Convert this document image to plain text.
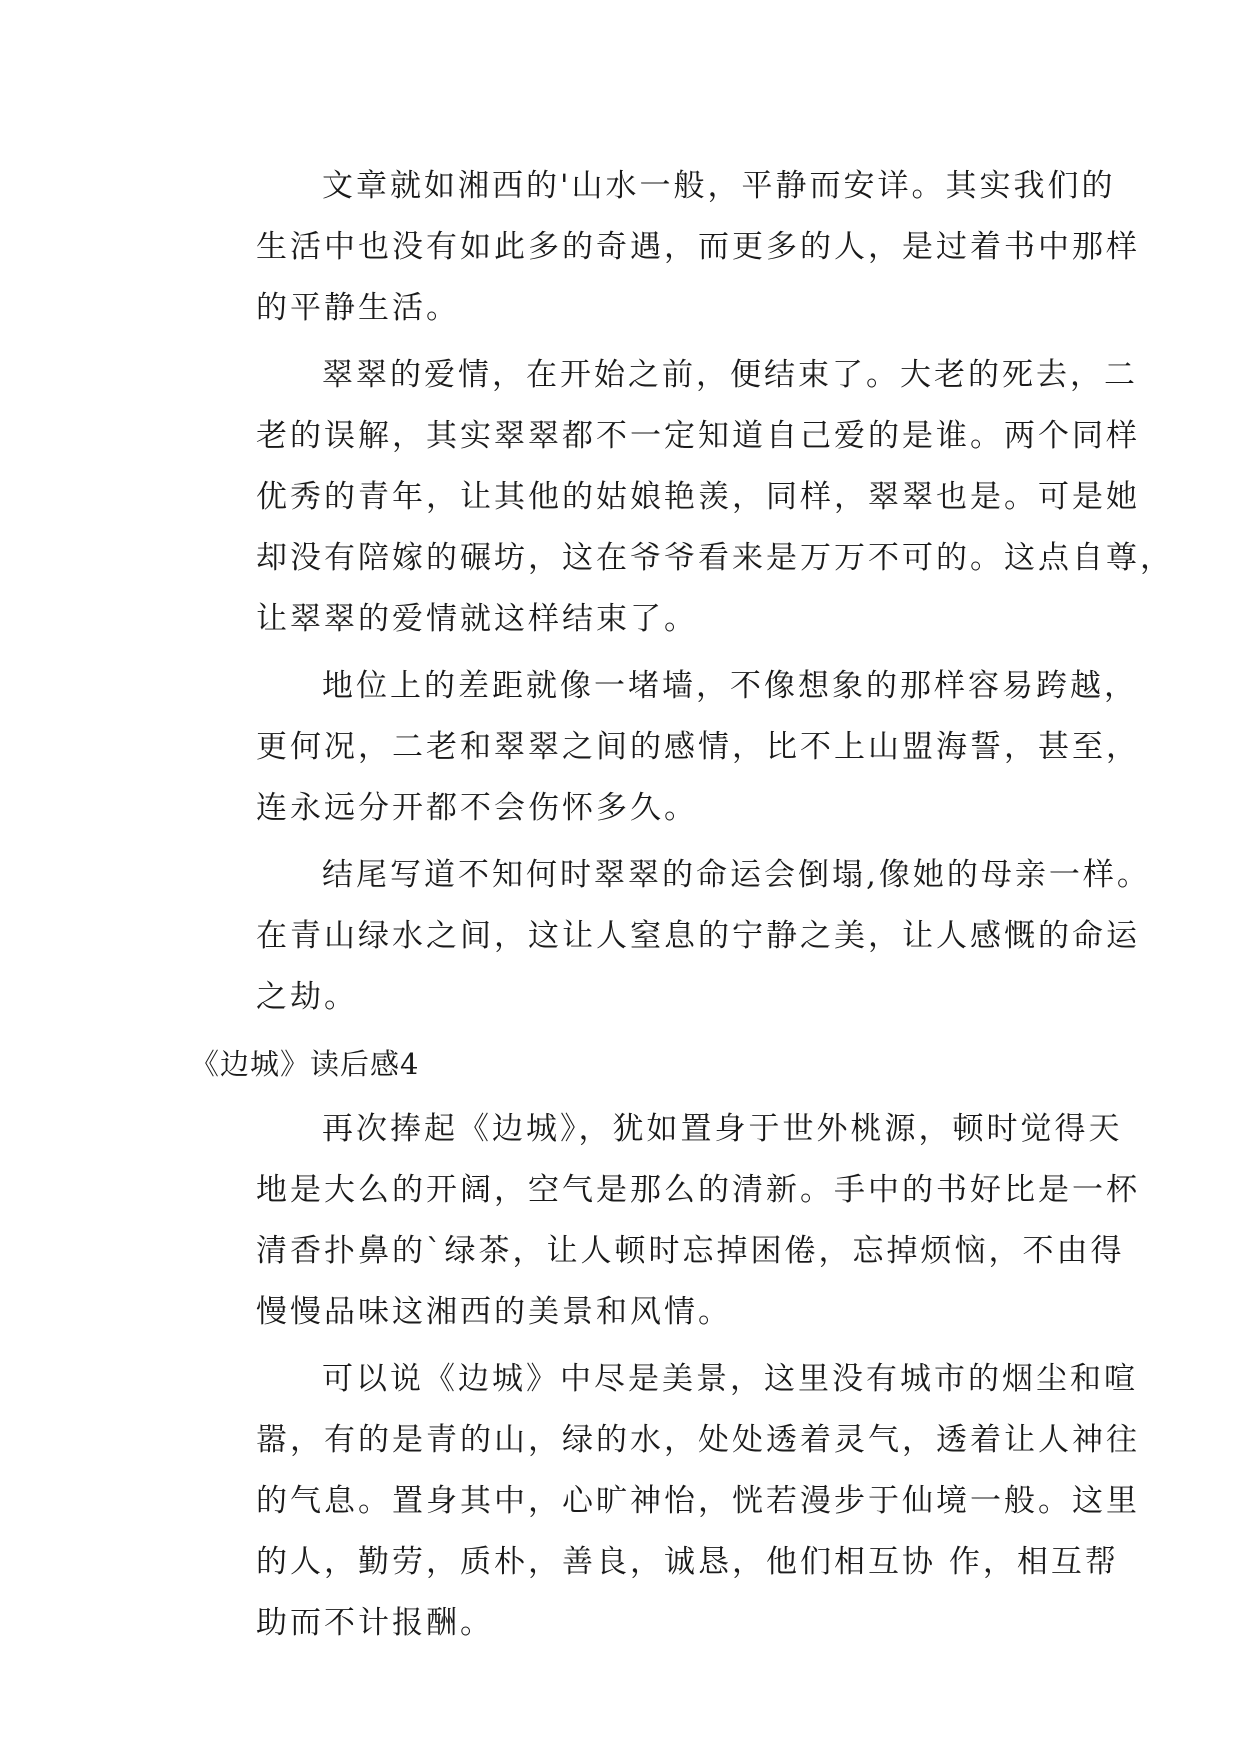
文章就如湘西的'山水一般，平静而安详。其实我们的
生活中也没有如此多的奇遇，而更多的人，是过着书中那样
的平静生活。
翠翠的爱情，在开始之前，便结束了。大老的死去，二
老的误解，其实翠翠都不一定知道自己爱的是谁。两个同样
优秀的青年，让其他的姑娘艳羡，同样，翠翠也是。可是她
却没有陪嫁的碾坊，这在爷爷看来是万万不可的。这点自尊，
让翠翠的爱情就这样结束了。
地位上的差距就像一堵墙，不像想象的那样容易跨越，
更何况，二老和翠翠之间的感情，比不上山盟海誓，甚至，
连永远分开都不会伤怀多久。
结尾写道不知何时翠翠的命运会倒塌,像她的母亲一样。
在青山绿水之间，这让人窒息的宁静之美，让人感慨的命运
之劫。
《边城》读后感4
再次捧起《边城》，犹如置身于世外桃源，顿时觉得天
地是大么的开阔，空气是那么的清新。手中的书好比是一杯
清香扑鼻的`绿茶，让人顿时忘掉困倦，忘掉烦恼，不由得
慢慢品味这湘西的美景和风情。
可以说《边城》中尽是美景，这里没有城市的烟尘和喧
嚣，有的是青的山，绿的水，处处透着灵气，透着让人神往
的气息。置身其中，心旷神怡，恍若漫步于仙境一般。这里
的人，勤劳，质朴，善良，诚恳，他们相互协 作，相互帮
助而不计报酬。
